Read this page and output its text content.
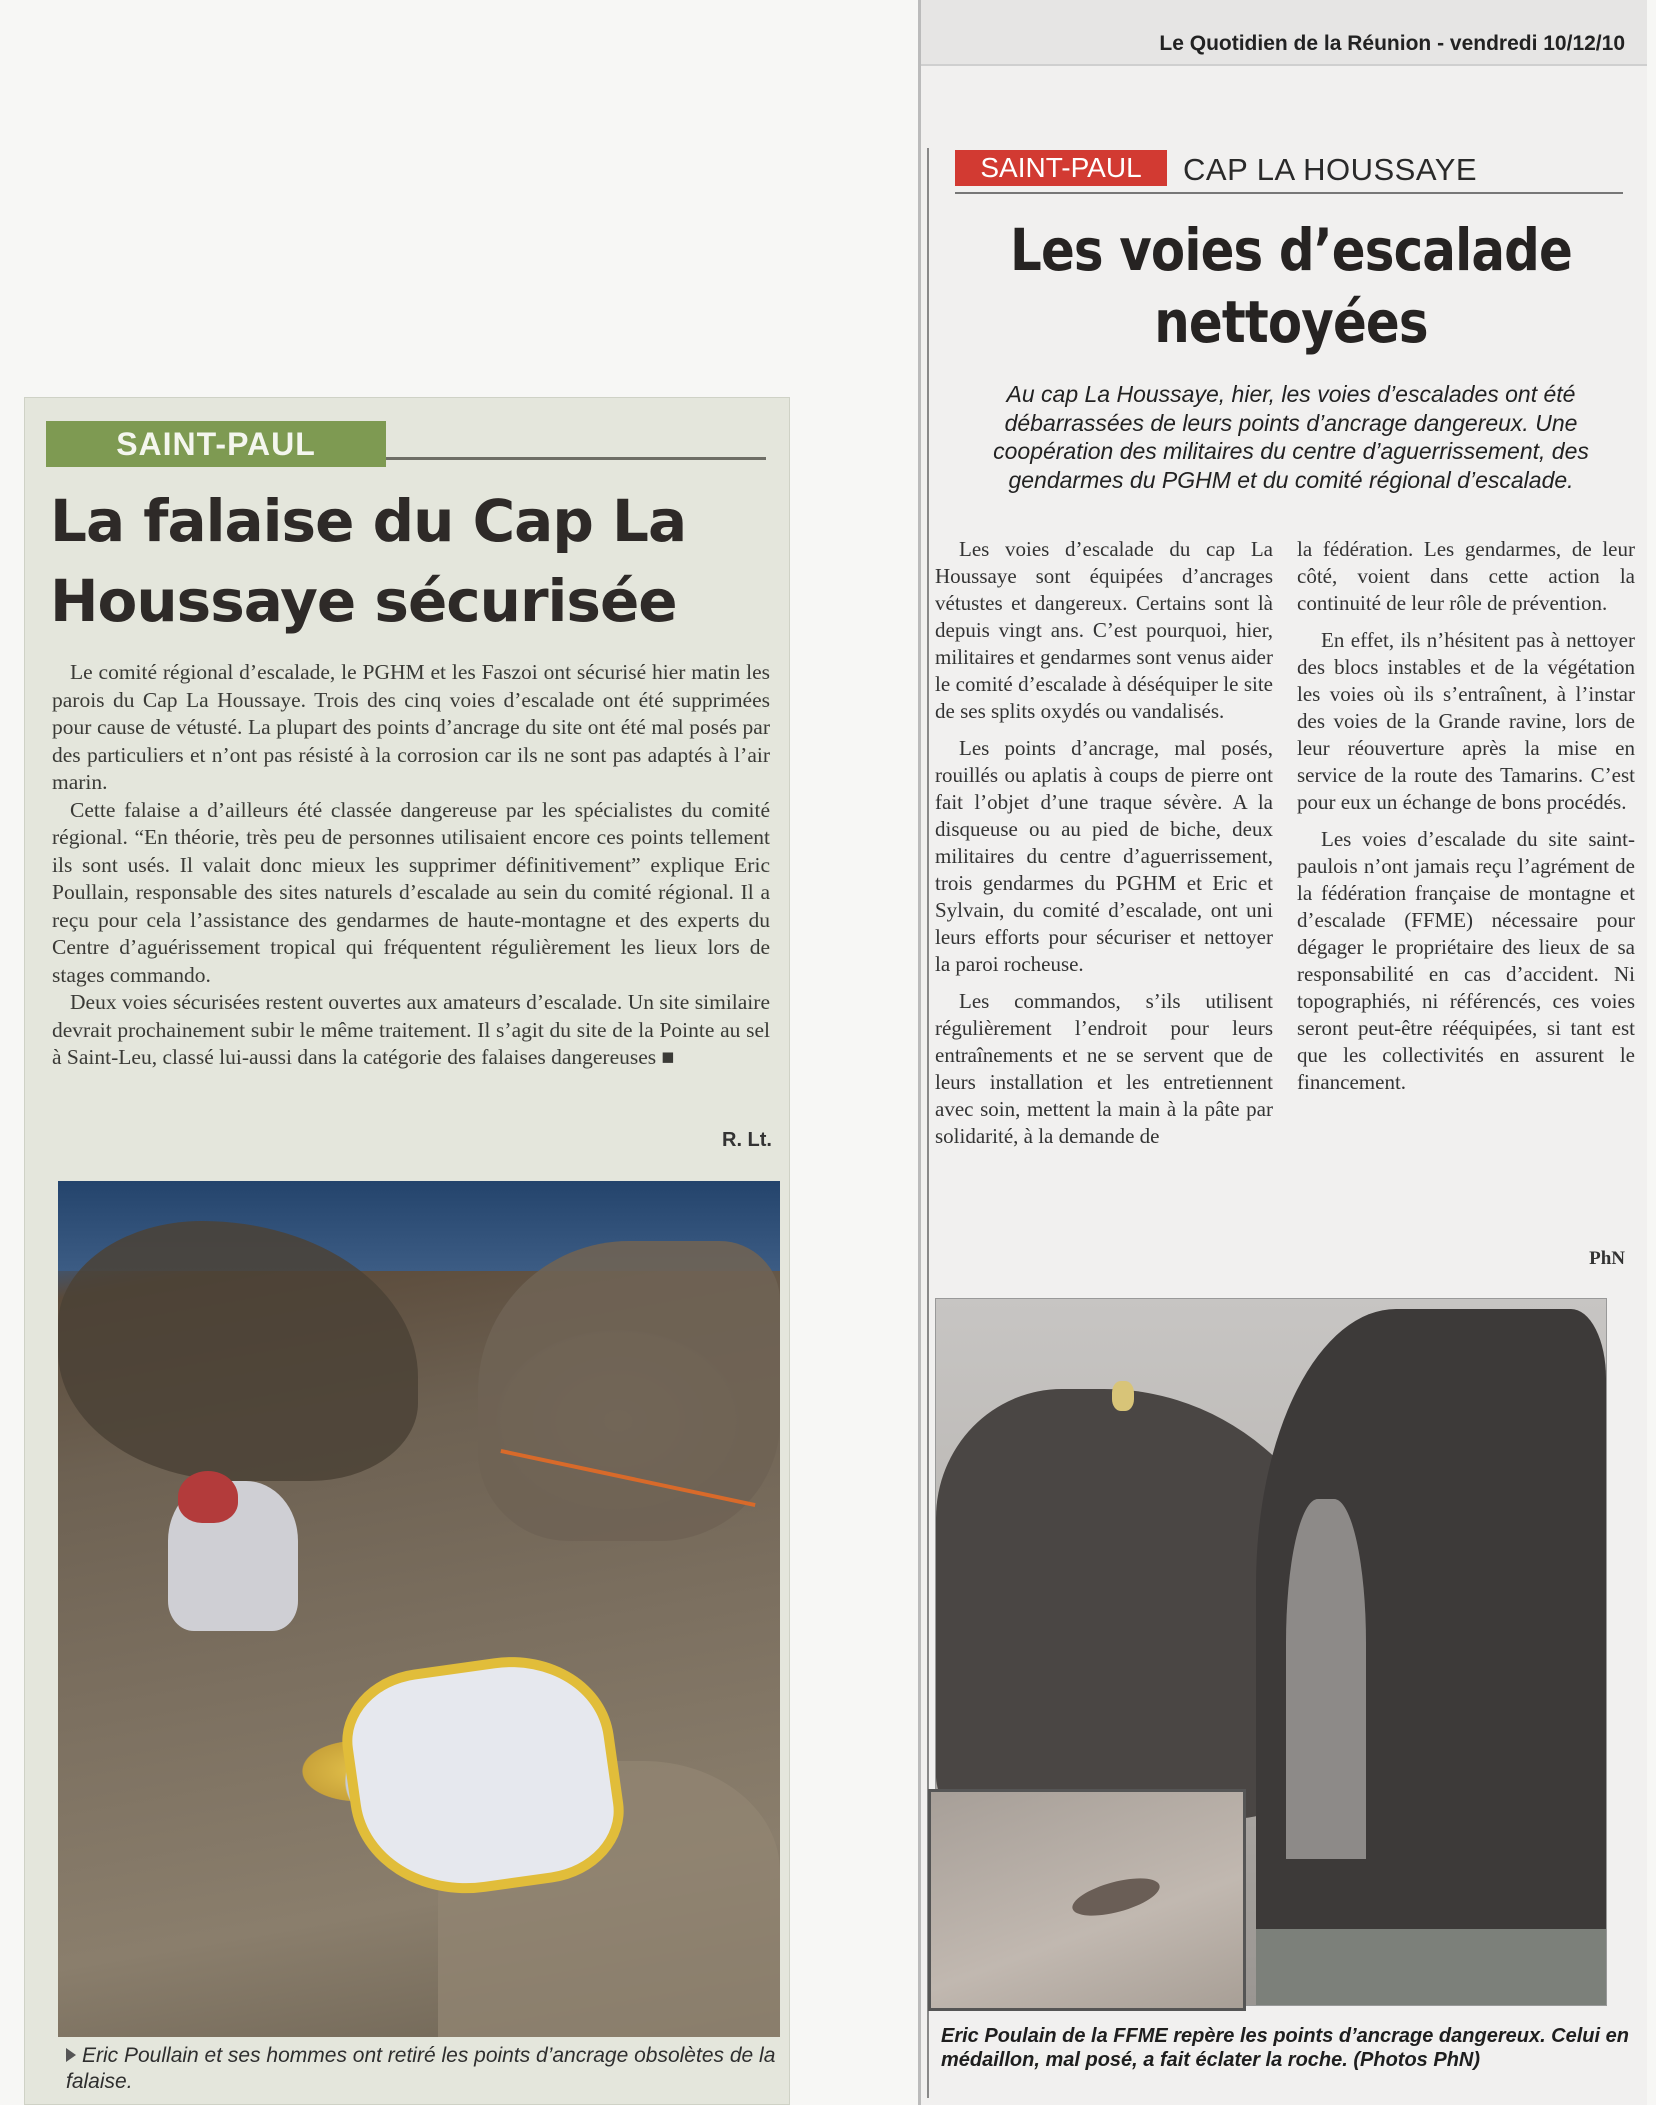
SAINT-PAUL
La falaise du Cap La Houssaye sécurisée

Le comité régional d’escalade, le PGHM et les Faszoi ont sécurisé hier matin les parois du Cap La Houssaye. Trois des cinq voies d’escalade ont été supprimées pour cause de vétusté. La plupart des points d’ancrage du site ont été mal posés par des particuliers et n’ont pas résisté à la corrosion car ils ne sont pas adaptés à l’air marin.

Cette falaise a d’ailleurs été classée dangereuse par les spécialistes du comité régional. “En théorie, très peu de personnes utilisaient encore ces points tellement ils sont usés. Il valait donc mieux les supprimer définitivement” explique Eric Poullain, responsable des sites naturels d’escalade au sein du comité régional. Il a reçu pour cela l’assistance des gendarmes de haute-montagne et des experts du Centre d’aguérissement tropical qui fréquentent régulièrement les lieux lors de stages commando.

Deux voies sécurisées restent ouvertes aux amateurs d’escalade. Un site similaire devrait prochainement subir le même traitement. Il s’agit du site de la Pointe au sel à Saint-Leu, classé lui-aussi dans la catégorie des falaises dangereuses ■

R. Lt.
Eric Poullain et ses hommes ont retiré les points d’ancrage obsolètes de la falaise.
Le Quotidien de la Réunion - vendredi 10/12/10
SAINT-PAUL	CAP LA HOUSSAYE
Les voies d’escalade nettoyées
Au cap La Houssaye, hier, les voies d’escalades ont été débarrassées de leurs points d’ancrage dangereux. Une coopération des militaires du centre d’aguerrissement, des gendarmes du PGHM et du comité régional d’escalade.

Les voies d’escalade du cap La Houssaye sont équipées d’ancrages vétustes et dangereux. Certains sont là depuis vingt ans. C’est pourquoi, hier, militaires et gendarmes sont venus aider le comité d’escalade à déséquiper le site de ses splits oxydés ou vandalisés.

Les points d’ancrage, mal posés, rouillés ou aplatis à coups de pierre ont fait l’objet d’une traque sévère. A la disqueuse ou au pied de biche, deux militaires du centre d’aguerrissement, trois gendarmes du PGHM et Eric et Sylvain, du comité d’escalade, ont uni leurs efforts pour sécuriser et nettoyer la paroi rocheuse.

Les commandos, s’ils utilisent régulièrement l’endroit pour leurs entraînements et ne se servent que de leurs installation et les entretiennent avec soin, mettent la main à la pâte par solidarité, à la demande de

la fédération. Les gendarmes, de leur côté, voient dans cette action la continuité de leur rôle de prévention.

En effet, ils n’hésitent pas à nettoyer des blocs instables et de la végétation les voies où ils s’entraînent, à l’instar des voies de la Grande ravine, lors de leur réouverture après la mise en service de la route des Tamarins. C’est pour eux un échange de bons procédés.

Les voies d’escalade du site saint-paulois n’ont jamais reçu l’agrément de la fédération française de montagne et d’escalade (FFME) nécessaire pour dégager le propriétaire des lieux de sa responsabilité en cas d’accident. Ni topographiés, ni référencés, ces voies seront peut-être rééquipées, si tant est que les collectivités en assurent le financement.

PhN
Eric Poulain de la FFME repère les points d’ancrage dangereux. Celui en médaillon, mal posé, a fait éclater la roche. (Photos PhN)
